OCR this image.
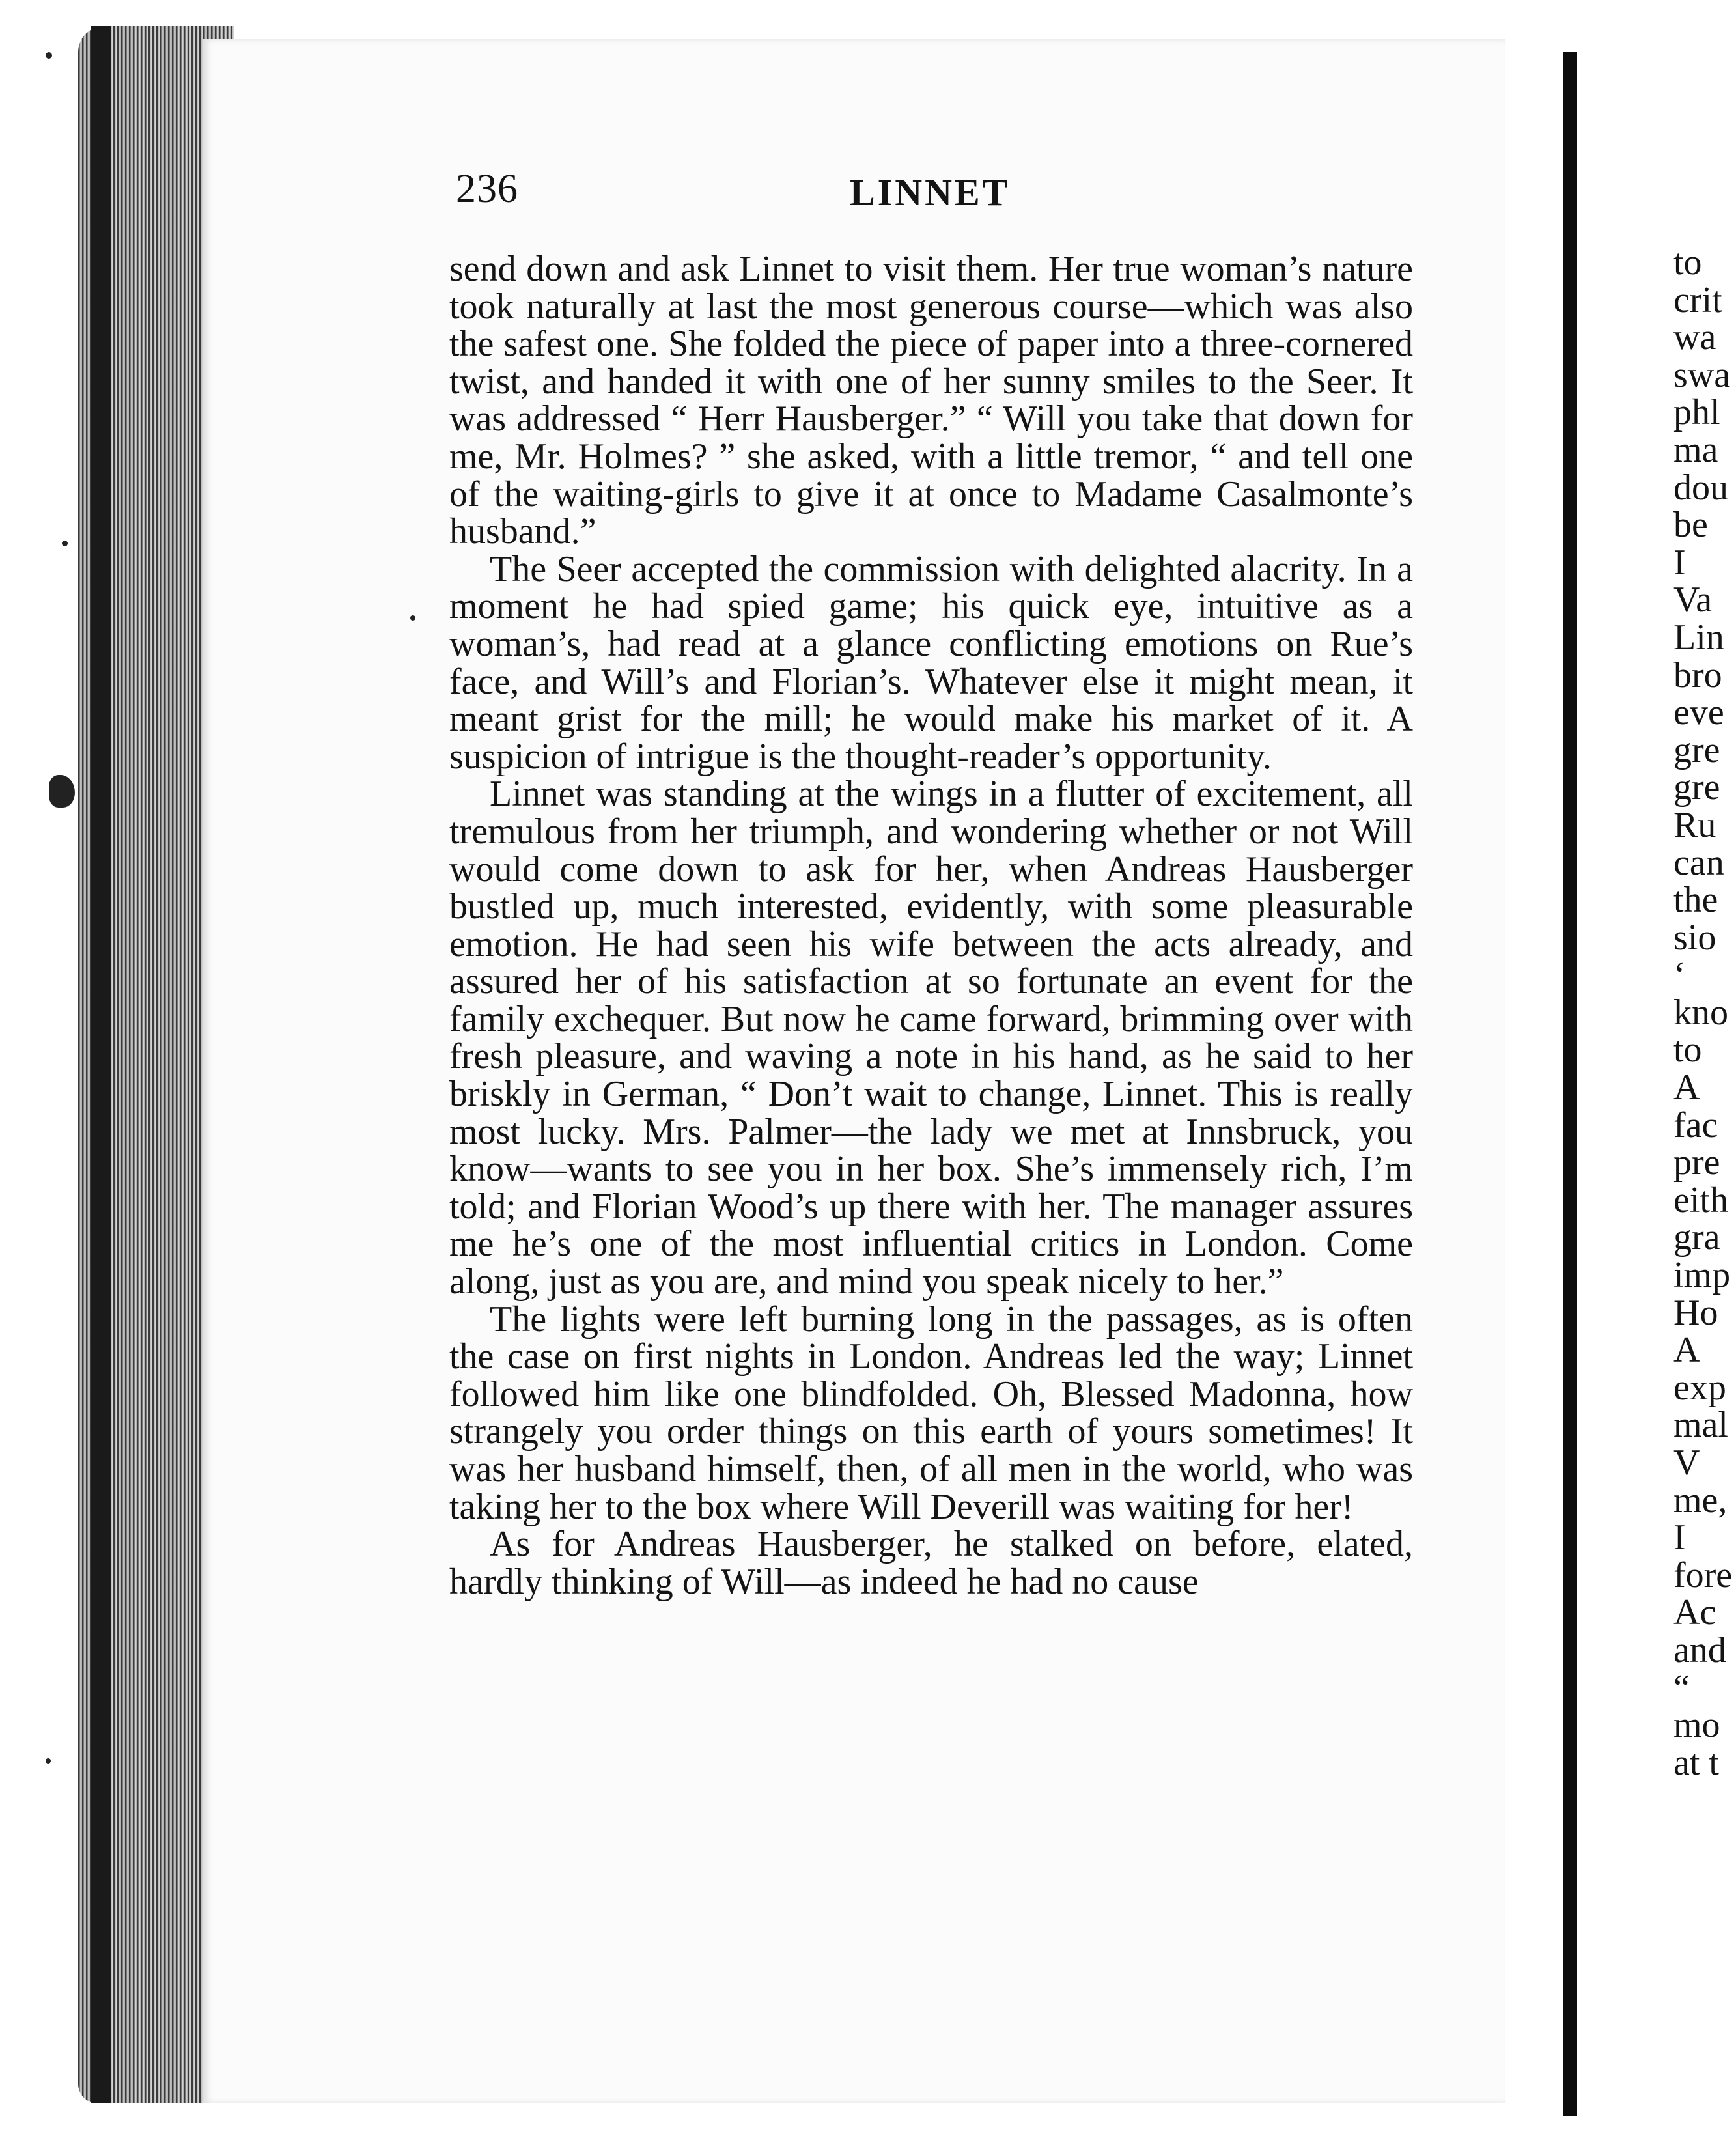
236	LINNET

send down and ask Linnet to visit them. Her true woman’s nature took naturally at last the most generous course—which was also the safest one. She folded the piece of paper into a three-cornered twist, and handed it with one of her sunny smiles to the Seer. It was addressed “ Herr Hausberger.” “ Will you take that down for me, Mr. Holmes? ” she asked, with a little tremor, “ and tell one of the waiting-girls to give it at once to Madame Casalmonte’s husband.”

The Seer accepted the commission with delighted alacrity. In a moment he had spied game; his quick eye, intuitive as a woman’s, had read at a glance conflicting emotions on Rue’s face, and Will’s and Florian’s. Whatever else it might mean, it meant grist for the mill; he would make his market of it. A suspicion of intrigue is the thought-reader’s opportunity.

Linnet was standing at the wings in a flutter of excitement, all tremulous from her triumph, and wondering whether or not Will would come down to ask for her, when Andreas Hausberger bustled up, much interested, evidently, with some pleasurable emotion. He had seen his wife between the acts already, and assured her of his satisfaction at so fortunate an event for the family exchequer. But now he came forward, brimming over with fresh pleasure, and waving a note in his hand, as he said to her briskly in German, “ Don’t wait to change, Linnet. This is really most lucky. Mrs. Palmer—the lady we met at Innsbruck, you know—wants to see you in her box. She’s immensely rich, I’m told; and Florian Wood’s up there with her. The manager assures me he’s one of the most influential critics in London. Come along, just as you are, and mind you speak nicely to her.”

The lights were left burning long in the passages, as is often the case on first nights in London. Andreas led the way; Linnet followed him like one blindfolded. Oh, Blessed Madonna, how strangely you order things on this earth of yours sometimes! It was her husband himself, then, of all men in the world, who was taking her to the box where Will Deverill was waiting for her!

As for Andreas Hausberger, he stalked on before, elated, hardly thinking of Will—as indeed he had no cause

to
crit
wa
swa
phl
ma
dou
be
I
Va
Lin
bro
eve
gre
gre
Ru
can
the
sio
‘
kno
to
A
fac
pre
eith
gra
imp
Ho
A
exp
mal
V
me,
I
fore
Ac
and
“
mo
at t
